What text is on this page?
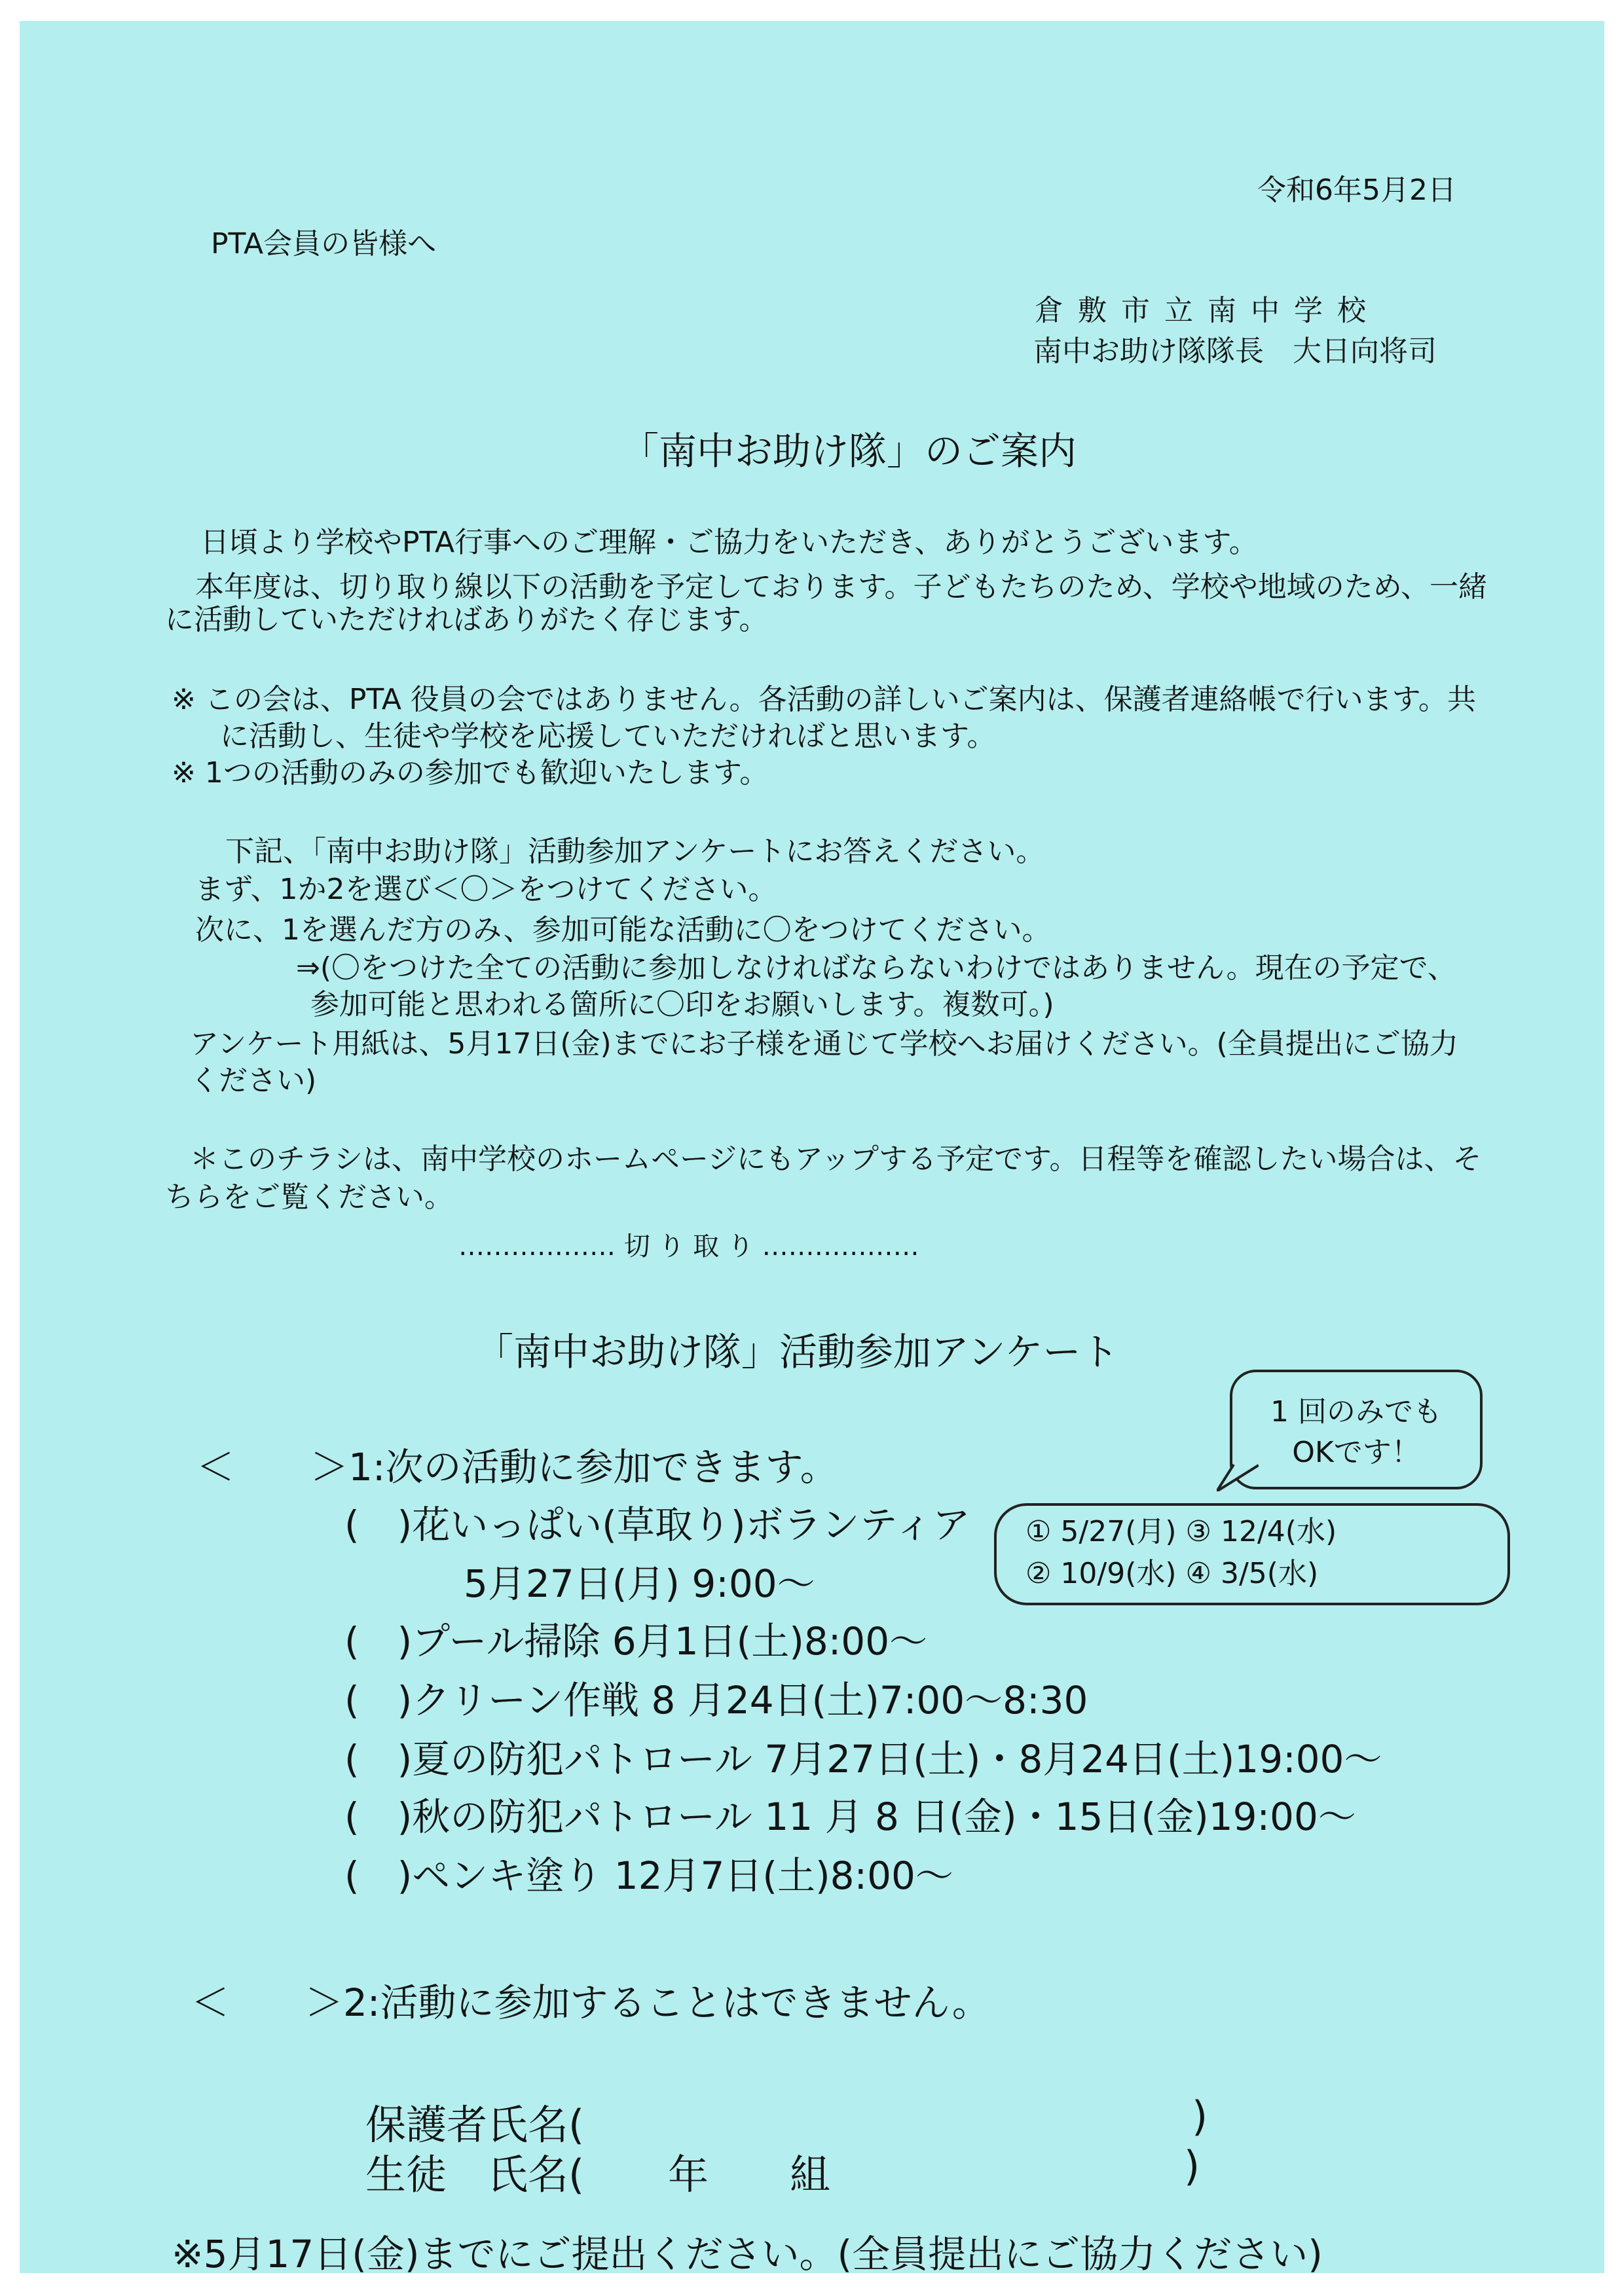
令和6年5月2日
PTA会員の皆様へ
倉敷市立南中学校
南中お助け隊隊長　大日向将司
「南中お助け隊」のご案内
日頃より学校やPTA行事へのご理解・ご協力をいただき、ありがとうございます。
本年度は、切り取り線以下の活動を予定しております。子どもたちのため、学校や地域のため、一緒
に活動していただければありがたく存じます。
※ この会は、PTA 役員の会ではありません。各活動の詳しいご案内は、保護者連絡帳で行います。共
に活動し、生徒や学校を応援していただければと思います。
※ 1つの活動のみの参加でも歓迎いたします。
下記、「南中お助け隊」活動参加アンケートにお答えください。
まず、1か2を選び＜〇＞をつけてください。
次に、1を選んだ方のみ、参加可能な活動に〇をつけてください。
⇒(〇をつけた全ての活動に参加しなければならないわけではありません。現在の予定で、
参加可能と思われる箇所に〇印をお願いします。複数可。)
アンケート用紙は、5月17日(金)までにお子様を通じて学校へお届けください。(全員提出にご協力
ください)
＊このチラシは、南中学校のホームページにもアップする予定です。日程等を確認したい場合は、そ
ちらをご覧ください。
……………… 切 り 取 り ………………
「南中お助け隊」活動参加アンケート
＜　　＞1:次の活動に参加できます。
(　)花いっぱい(草取り)ボランティア
5月27日(月) 9:00～
(　)プール掃除 6月1日(土)8:00～
(　)クリーン作戦 8 月24日(土)7:00～8:30
(　)夏の防犯パトロール 7月27日(土)・8月24日(土)19:00～
(　)秋の防犯パトロール 11 月 8 日(金)・15日(金)19:00～
(　)ペンキ塗り 12月7日(土)8:00～
1 回のみでも
OKです！
① 5/27(月) ③ 12/4(水)
② 10/9(水) ④ 3/5(水)
＜　　＞2:活動に参加することはできません。
保護者氏名(	)
生徒　氏名( 年　　組	)
※5月17日(金)までにご提出ください。(全員提出にご協力ください)
